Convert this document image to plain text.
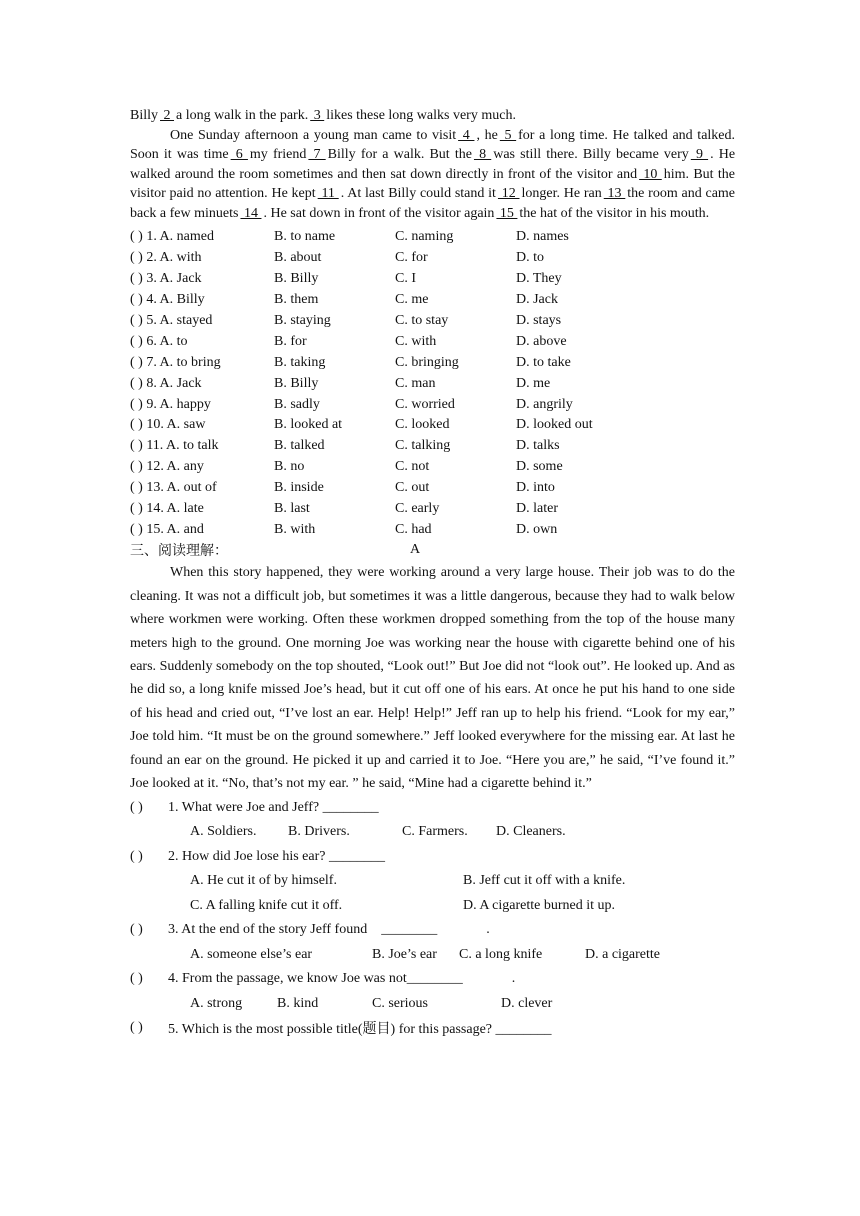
Billy 2 a long walk in the park. 3 likes these long walks very much.

One Sunday afternoon a young man came to visit 4 , he 5 for a long time. He talked and talked. Soon it was time 6 my friend 7 Billy for a walk. But the 8 was still there. Billy became very 9 . He walked around the room sometimes and then sat down directly in front of the visitor and 10 him. But the visitor paid no attention. He kept 11 . At last Billy could stand it 12 longer. He ran 13 the room and came back a few minuets 14 . He sat down in front of the visitor again 15 the hat of the visitor in his mouth.

( ) 1. A. named	B. to name	C. naming	D. names
( ) 2. A. with	B. about	C. for	D. to
( ) 3. A. Jack	B. Billy	C. I	D. They
( ) 4. A. Billy	B. them	C. me	D. Jack
( ) 5. A. stayed	B. staying	C. to stay	D. stays
( ) 6. A. to	B. for	C. with	D. above
( ) 7. A. to bring	B. taking	C. bringing	D. to take
( ) 8. A. Jack	B. Billy	C. man	D. me
( ) 9. A. happy	B. sadly	C. worried	D. angrily
( ) 10. A. saw	B. looked at	C. looked	D. looked out
( ) 11. A. to talk	B. talked	C. talking	D. talks
( ) 12. A. any	B. no	C. not	D. some
( ) 13. A. out of	B. inside	C. out	D. into
( ) 14. A. late	B. last	C. early	D. later
( ) 15. A. and	B. with	C. had	D. own
三、阅读理解：	A

When this story happened, they were working around a very large house. Their job was to do the cleaning. It was not a difficult job, but sometimes it was a little dangerous, because they had to walk below where workmen were working. Often these workmen dropped something from the top of the house many meters high to the ground. One morning Joe was working near the house with cigarette behind one of his ears. Suddenly somebody on the top shouted, “Look out!” But Joe did not “look out”. He looked up. And as he did so, a long knife missed Joe’s head, but it cut off one of his ears. At once he put his hand to one side of his head and cried out, “I’ve lost an ear. Help! Help!” Jeff ran up to help his friend. “Look for my ear,” Joe told him. “It must be on the ground somewhere.” Jeff looked everywhere for the missing ear. At last he found an ear on the ground. He picked it up and carried it to Joe. “Here you are,” he said, “I’ve found it.” Joe looked at it. “No, that’s not my ear. ” he said, “Mine had a cigarette behind it.”

( )	1. What were Joe and Jeff? ________
A. Soldiers.	B. Drivers.	C. Farmers.	D. Cleaners.
( )	2. How did Joe lose his ear? ________
A. He cut it of by himself.	B. Jeff cut it off with a knife.
C. A falling knife cut it off.	D. A cigarette burned it up.
( )	3. At the end of the story Jeff found    ________              .
A. someone else’s ear	B. Joe’s ear	C. a long knife	D. a cigarette
( )	4. From the passage, we know Joe was not________              .
A. strong	B. kind	C. serious	D. clever
( )	5. Which is the most possible title(题目) for this passage? ________
